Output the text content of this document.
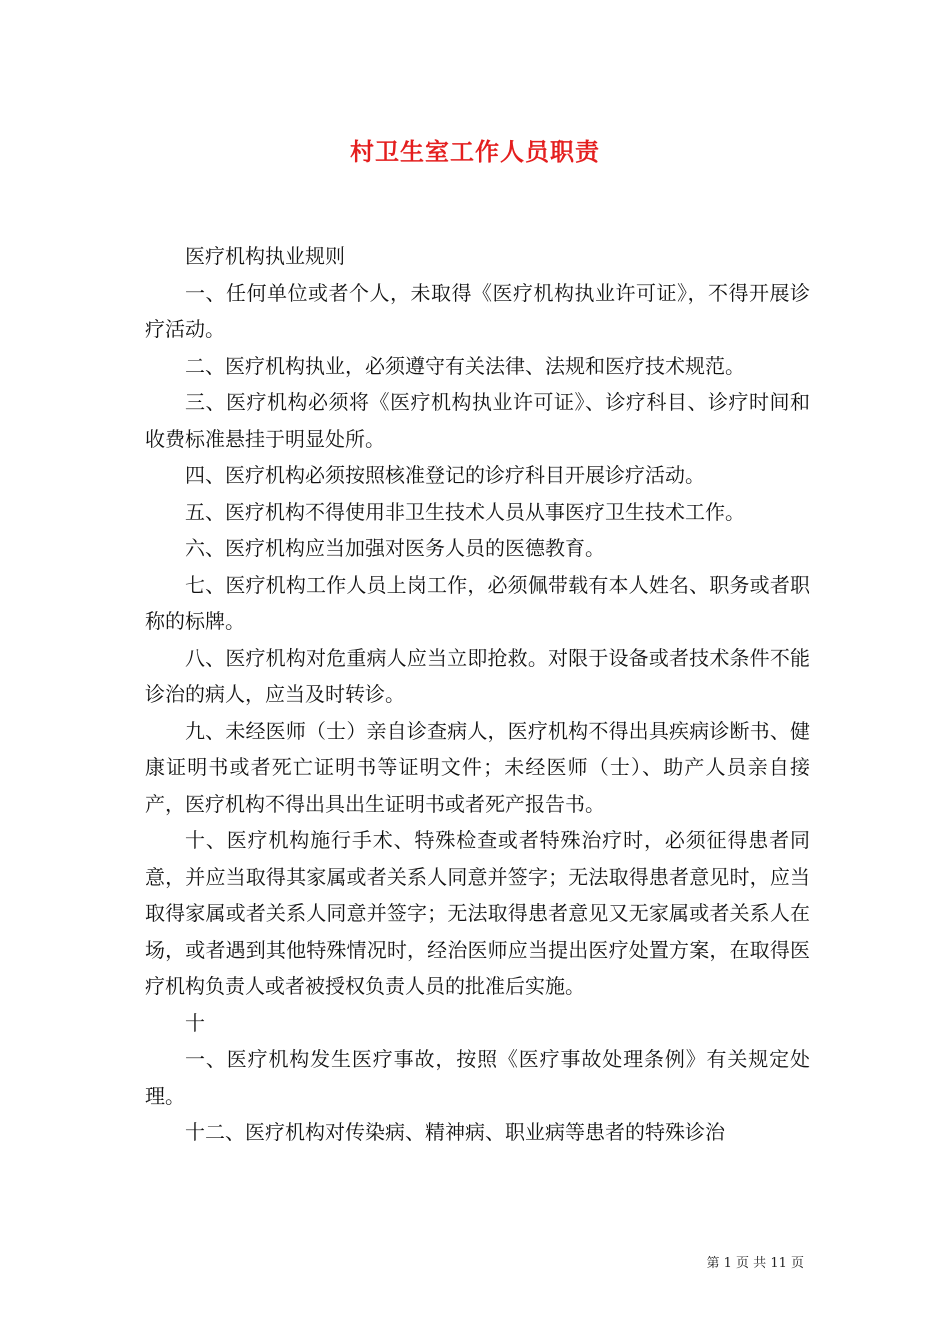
村卫生室工作人员职责

医疗机构执业规则

一、任何单位或者个人，未取得《医疗机构执业许可证》，不得开展诊疗活动。

二、医疗机构执业，必须遵守有关法律、法规和医疗技术规范。

三、医疗机构必须将《医疗机构执业许可证》、诊疗科目、诊疗时间和收费标准悬挂于明显处所。

四、医疗机构必须按照核准登记的诊疗科目开展诊疗活动。

五、医疗机构不得使用非卫生技术人员从事医疗卫生技术工作。

六、医疗机构应当加强对医务人员的医德教育。

七、医疗机构工作人员上岗工作，必须佩带载有本人姓名、职务或者职称的标牌。

八、医疗机构对危重病人应当立即抢救。对限于设备或者技术条件不能诊治的病人，应当及时转诊。

九、未经医师（士）亲自诊查病人，医疗机构不得出具疾病诊断书、健康证明书或者死亡证明书等证明文件；未经医师（士）、助产人员亲自接产，医疗机构不得出具出生证明书或者死产报告书。

十、医疗机构施行手术、特殊检查或者特殊治疗时，必须征得患者同意，并应当取得其家属或者关系人同意并签字；无法取得患者意见时，应当取得家属或者关系人同意并签字；无法取得患者意见又无家属或者关系人在场，或者遇到其他特殊情况时，经治医师应当提出医疗处置方案，在取得医疗机构负责人或者被授权负责人员的批准后实施。

十

一、医疗机构发生医疗事故，按照《医疗事故处理条例》有关规定处理。

十二、医疗机构对传染病、精神病、职业病等患者的特殊诊治

第 1 页 共 11 页
